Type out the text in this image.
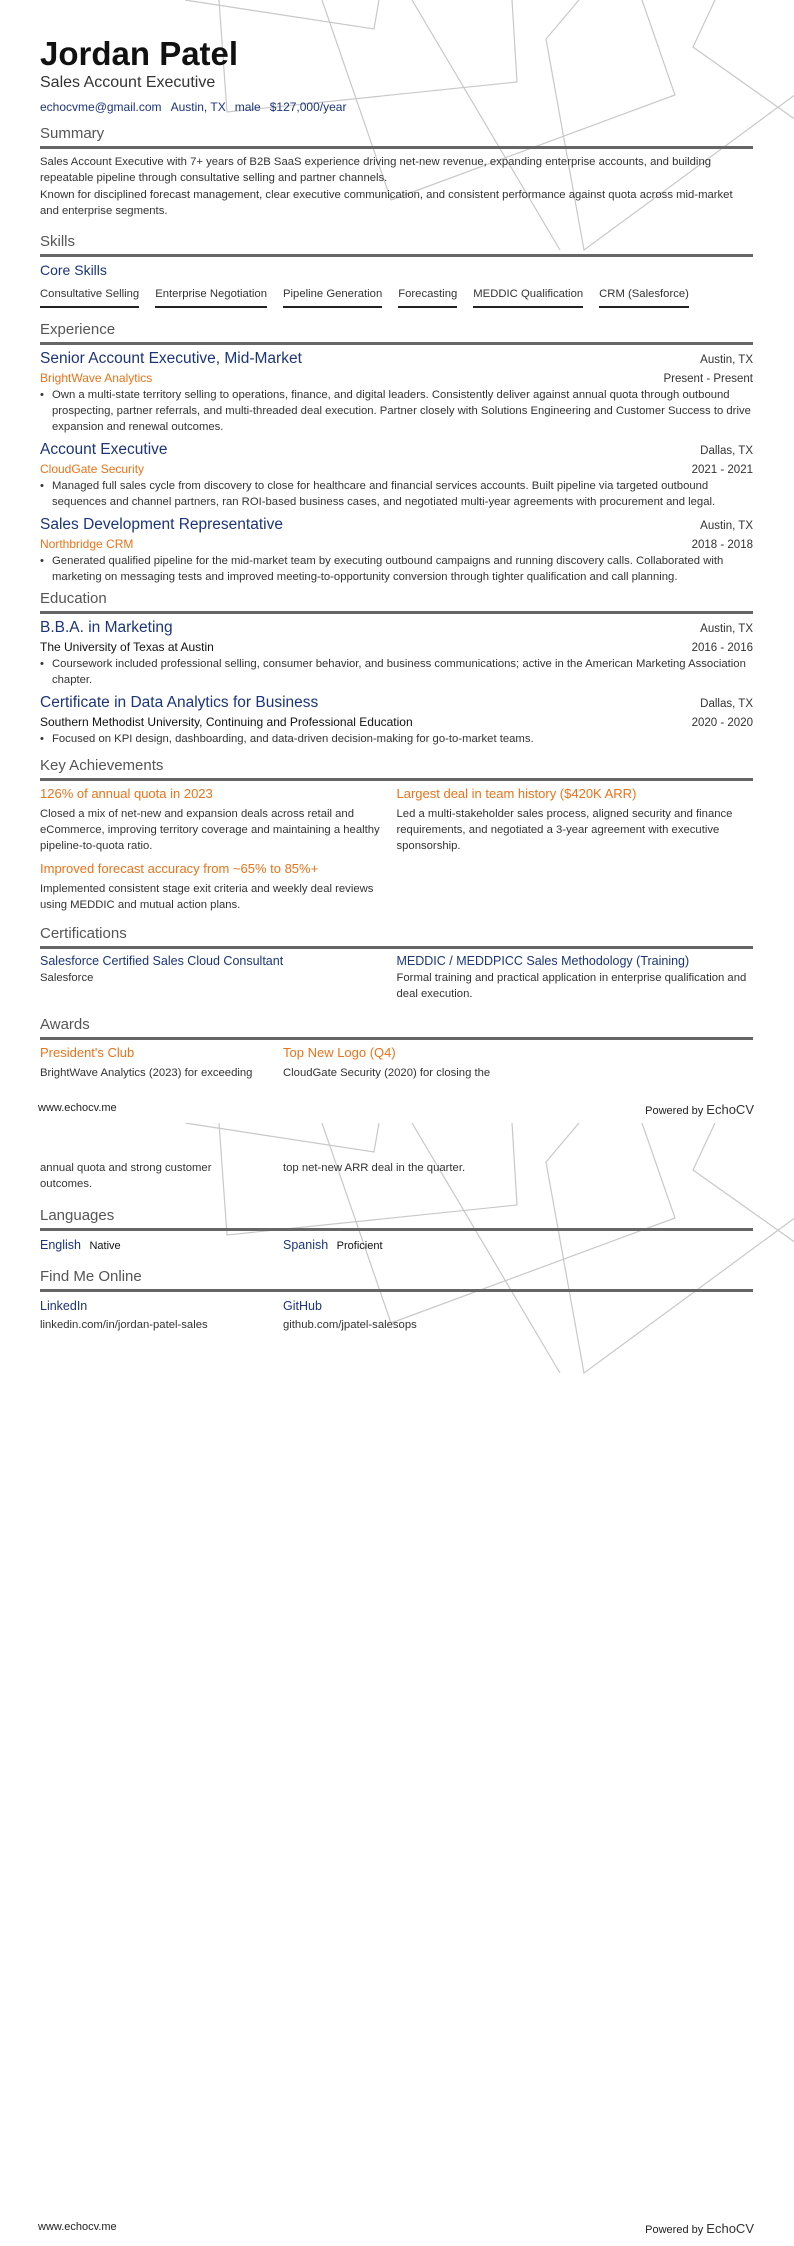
Jordan Patel
Sales Account Executive
echocvme@gmail.com Austin, TX male $127,000/year
Summary
Sales Account Executive with 7+ years of B2B SaaS experience driving net-new revenue, expanding enterprise accounts, and building repeatable pipeline through consultative selling and partner channels.
Known for disciplined forecast management, clear executive communication, and consistent performance against quota across mid-market and enterprise segments.
Skills
Core Skills
Consultative Selling Enterprise Negotiation Pipeline Generation Forecasting MEDDIC Qualification CRM (Salesforce)
Experience
Senior Account Executive, Mid-Market	Austin, TX
BrightWave Analytics	Present - Present
• Own a multi-state territory selling to operations, finance, and digital leaders. Consistently deliver against annual quota through outbound prospecting, partner referrals, and multi-threaded deal execution. Partner closely with Solutions Engineering and Customer Success to drive expansion and renewal outcomes.
Account Executive	Dallas, TX
CloudGate Security	2021 - 2021
• Managed full sales cycle from discovery to close for healthcare and financial services accounts. Built pipeline via targeted outbound sequences and channel partners, ran ROI-based business cases, and negotiated multi-year agreements with procurement and legal.
Sales Development Representative	Austin, TX
Northbridge CRM	2018 - 2018
• Generated qualified pipeline for the mid-market team by executing outbound campaigns and running discovery calls. Collaborated with marketing on messaging tests and improved meeting-to-opportunity conversion through tighter qualification and call planning.
Education
B.B.A. in Marketing	Austin, TX
The University of Texas at Austin	2016 - 2016
• Coursework included professional selling, consumer behavior, and business communications; active in the American Marketing Association chapter.
Certificate in Data Analytics for Business	Dallas, TX
Southern Methodist University, Continuing and Professional Education	2020 - 2020
• Focused on KPI design, dashboarding, and data-driven decision-making for go-to-market teams.
Key Achievements
126% of annual quota in 2023
Closed a mix of net-new and expansion deals across retail and eCommerce, improving territory coverage and maintaining a healthy pipeline-to-quota ratio.
Largest deal in team history ($420K ARR)
Led a multi-stakeholder sales process, aligned security and finance requirements, and negotiated a 3-year agreement with executive sponsorship.
Improved forecast accuracy from ~65% to 85%+
Implemented consistent stage exit criteria and weekly deal reviews using MEDDIC and mutual action plans.
Certifications
Salesforce Certified Sales Cloud Consultant
Salesforce
MEDDIC / MEDDPICC Sales Methodology (Training)
Formal training and practical application in enterprise qualification and deal execution.
Awards
President's Club
BrightWave Analytics (2023) for exceeding
Top New Logo (Q4)
CloudGate Security (2020) for closing the
www.echocv.me	Powered by EchoCV
annual quota and strong customer outcomes.
top net-new ARR deal in the quarter.
Languages
English Native	Spanish Proficient
Find Me Online
LinkedIn
linkedin.com/in/jordan-patel-sales
GitHub
github.com/jpatel-salesops
www.echocv.me	Powered by EchoCV
